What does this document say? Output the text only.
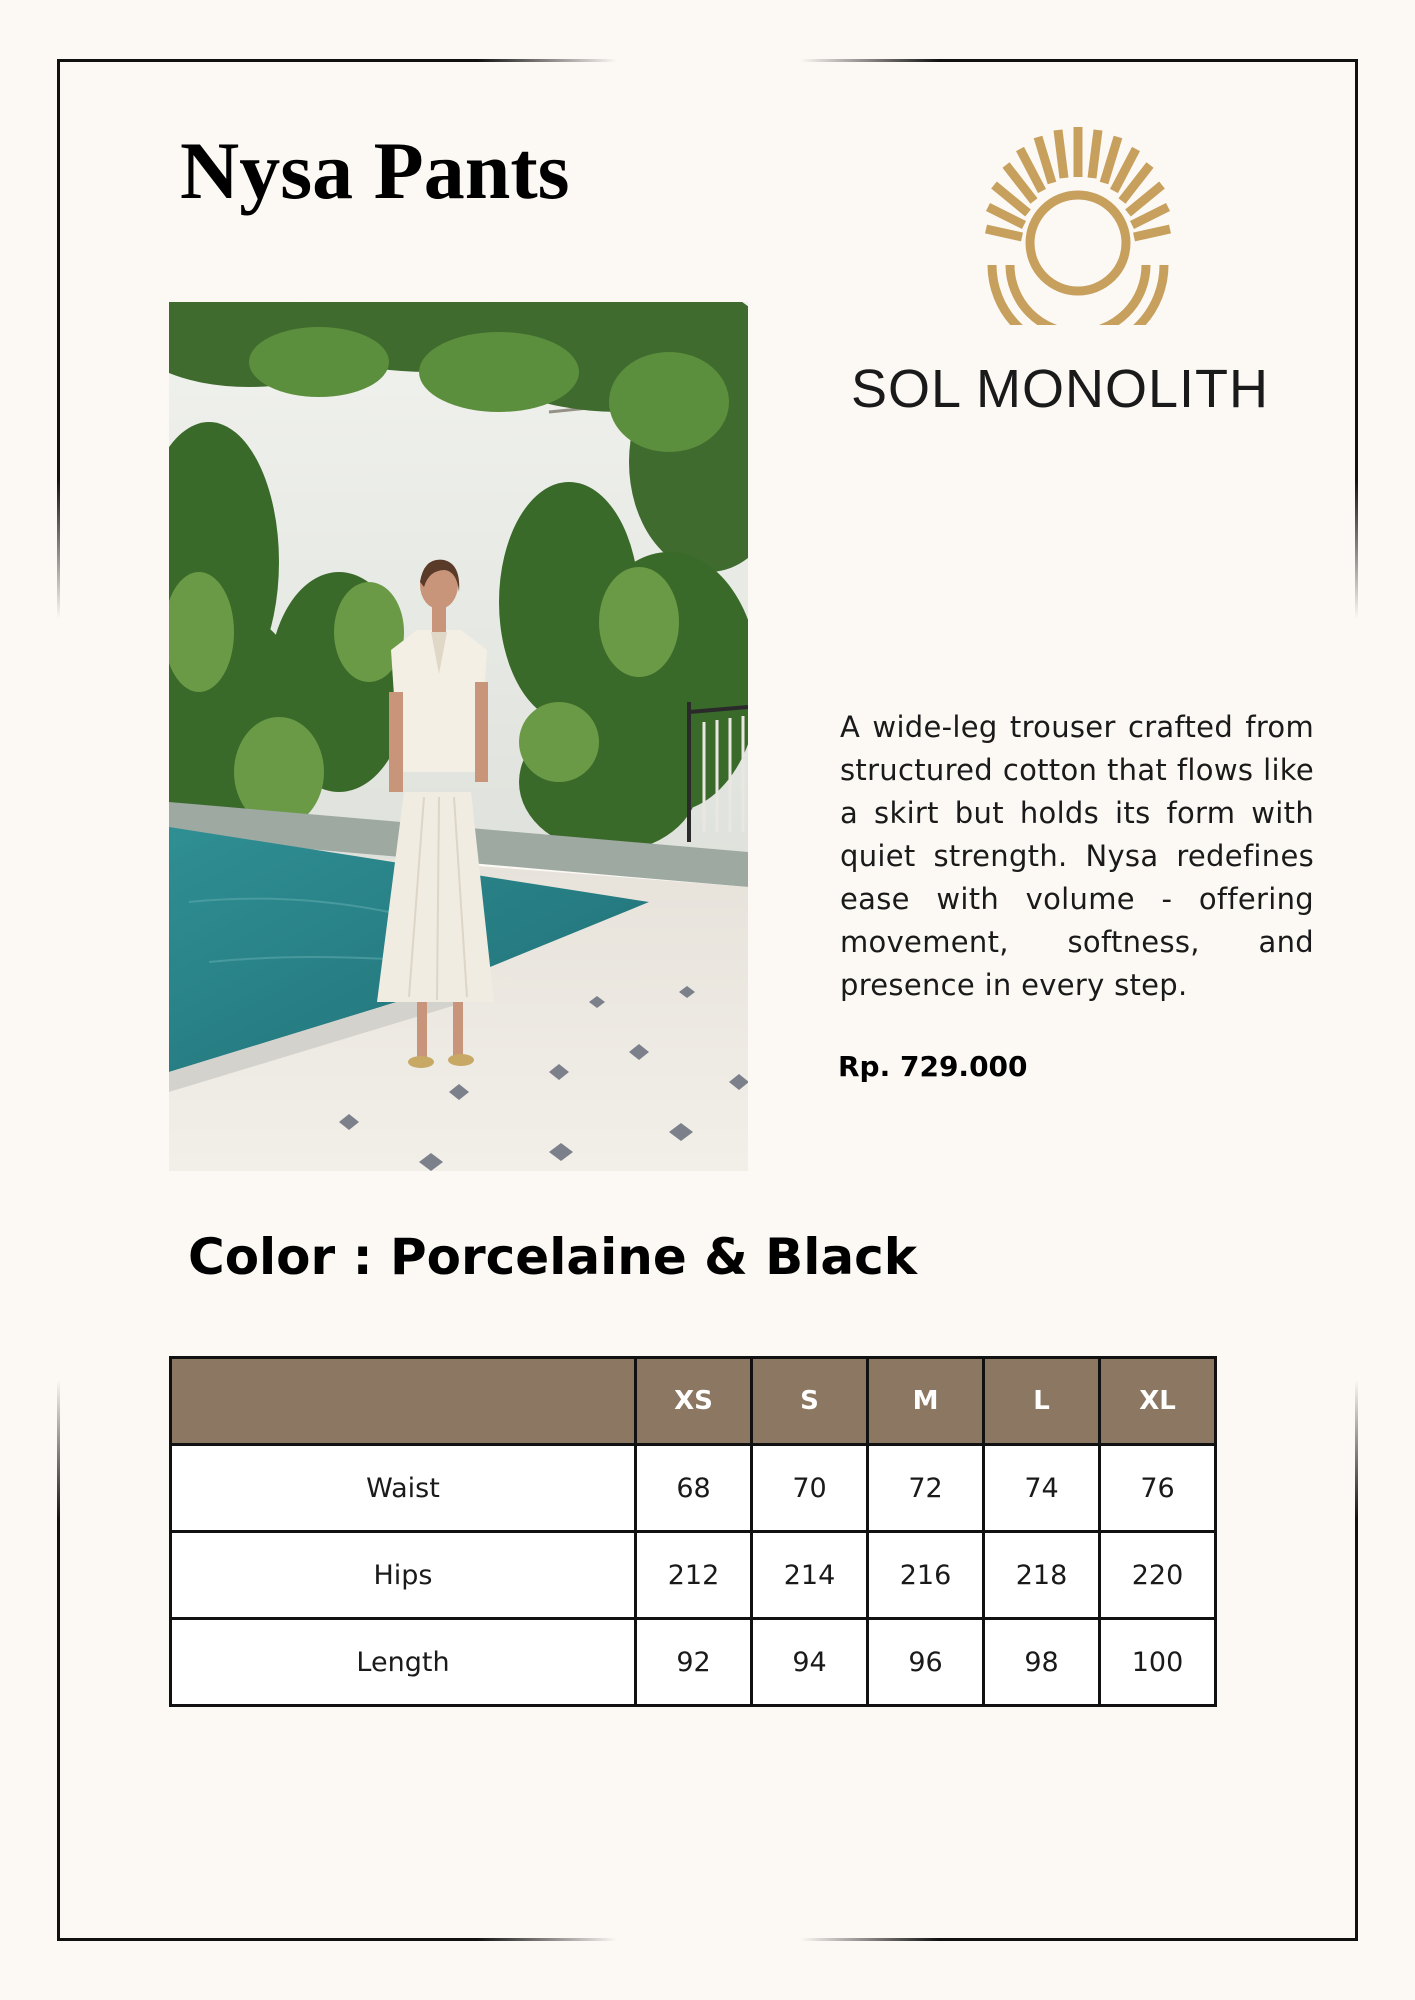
Nysa Pants
SOL MONOLITH

A wide-leg trouser crafted from structured cotton that flows like a skirt but holds its form with quiet strength. Nysa redefines ease with volume - offering movement, softness, and presence in every step.

Rp. 729.000
Color : Porcelaine & Black
	XS	S	M	L	XL
Waist	68	70	72	74	76
Hips	212	214	216	218	220
Length	92	94	96	98	100
